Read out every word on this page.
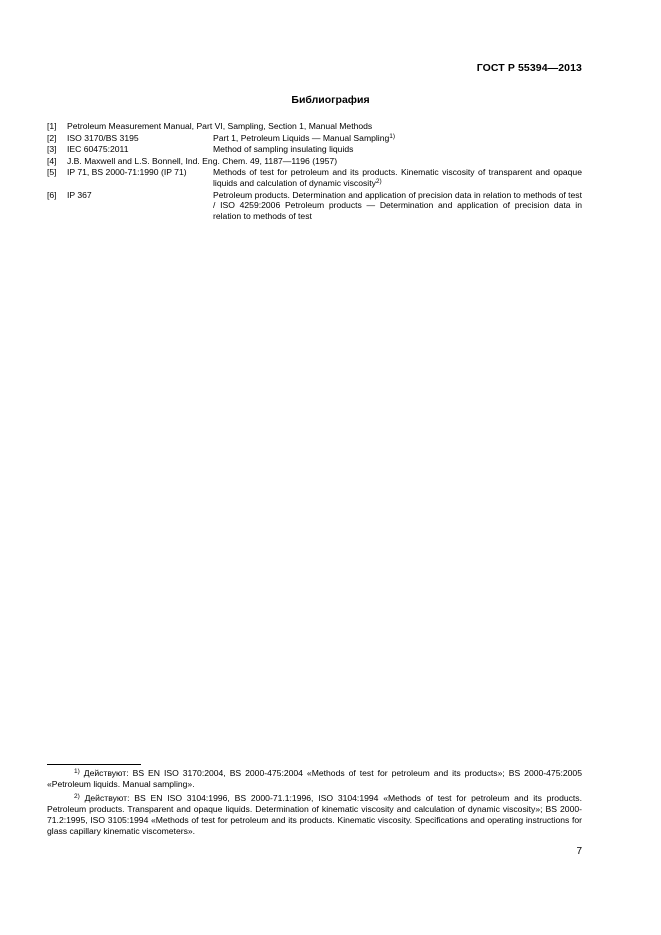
ГОСТ Р 55394—2013
Библиография
[1]	Petroleum Measurement Manual, Part VI, Sampling, Section 1, Manual Methods
[2]	ISO 3170/BS 3195	Part 1, Petroleum Liquids — Manual Sampling$^{1)}$
[3]	IEC 60475:2011	Method of sampling insulating liquids
[4]	J.B. Maxwell and L.S. Bonnell, Ind. Eng. Chem. 49, 1187—1196 (1957)
[5]	IP 71, BS 2000-71:1990 (IP 71)	Methods of test for petroleum and its products. Kinematic viscosity of transparent and opaque liquids and calculation of dynamic viscosity$^{2)}$
[6]	IP 367	Petroleum products. Determination and application of precision data in relation to methods of test / ISO 4259:2006 Petroleum products — Determination and application of precision data in relation to methods of test
$^{1)}$ Действуют: BS EN ISO 3170:2004, BS 2000-475:2004 «Methods of test for petroleum and its products»; BS 2000-475:2005 «Petroleum liquids. Manual sampling».
$^{2)}$ Действуют: BS EN ISO 3104:1996, BS 2000-71.1:1996, ISO 3104:1994 «Methods of test for petroleum and its products. Petroleum products. Transparent and opaque liquids. Determination of kinematic viscosity and calculation of dynamic viscosity»; BS 2000-71.2:1995, ISO 3105:1994 «Methods of test for petroleum and its products. Kinematic viscosity. Specifications and operating instructions for glass capillary kinematic viscometers».
7
